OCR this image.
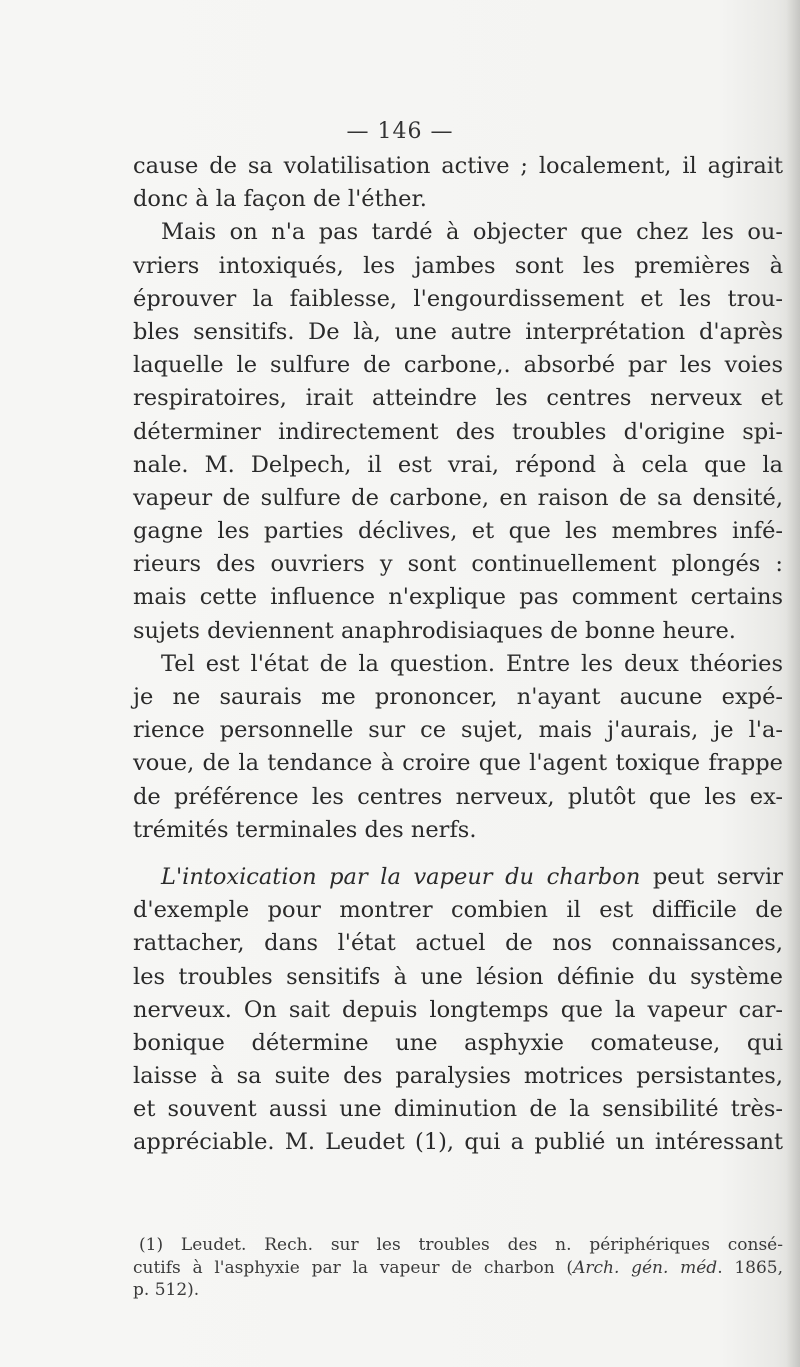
— 146 —
cause de sa volatilisation active ; localement, il agirait
donc à la façon de l'éther.
Mais on n'a pas tardé à objecter que chez les ou-
vriers intoxiqués, les jambes sont les premières à
éprouver la faiblesse, l'engourdissement et les trou-
bles sensitifs. De là, une autre interprétation d'après
laquelle le sulfure de carbone,. absorbé par les voies
respiratoires, irait atteindre les centres nerveux et
déterminer indirectement des troubles d'origine spi-
nale. M. Delpech, il est vrai, répond à cela que la
vapeur de sulfure de carbone, en raison de sa densité,
gagne les parties déclives, et que les membres infé-
rieurs des ouvriers y sont continuellement plongés :
mais cette influence n'explique pas comment certains
sujets deviennent anaphrodisiaques de bonne heure.
Tel est l'état de la question. Entre les deux théories
je ne saurais me prononcer, n'ayant aucune expé-
rience personnelle sur ce sujet, mais j'aurais, je l'a-
voue, de la tendance à croire que l'agent toxique frappe
de préférence les centres nerveux, plutôt que les ex-
trémités terminales des nerfs.
L'intoxication par la vapeur du charbon peut servir
d'exemple pour montrer combien il est difficile de
rattacher, dans l'état actuel de nos connaissances,
les troubles sensitifs à une lésion définie du système
nerveux. On sait depuis longtemps que la vapeur car-
bonique détermine une asphyxie comateuse, qui
laisse à sa suite des paralysies motrices persistantes,
et souvent aussi une diminution de la sensibilité très-
appréciable. M. Leudet (1), qui a publié un intéressant
(1) Leudet. Rech. sur les troubles des n. périphériques consé-
cutifs à l'asphyxie par la vapeur de charbon (Arch. gén. méd. 1865,
p. 512).
